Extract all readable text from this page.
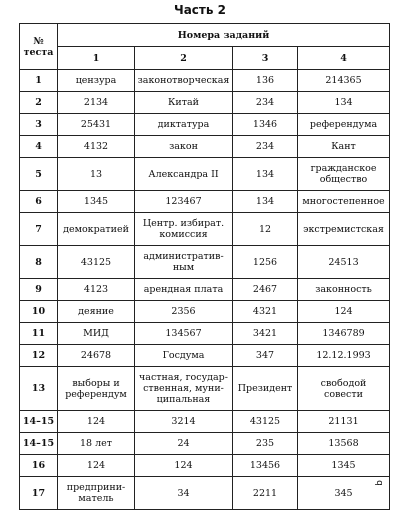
Часть 2
№
теста	Номера заданий			
	1	2	3	4
1	цензура	законотворческая	136	214365
2	2134	Китай	234	134
3	25431	диктатура	1346	референдума
4	4132	закон	234	Кант
5	13	Александра II	134	гражданское
общество
6	1345	123467	134	многостепенное
7	демократией	Центр. избират.
комиссия	12	экстремистская
8	43125	административ-
ным	1256	24513
9	4123	арендная плата	2467	законность
10	деяние	2356	4321	124
11	МИД	134567	3421	1346789
12	24678	Госдума	347	12.12.1993
13	выборы и
референдум	частная, государ-
ственная, муни-
ципальная	Президент	свободой
совести
14–15	124	3214	43125	21131
14–15	18 лет	24	235	13568
16	124	124	13456	1345
17	предприни-
матель	34	2211	345
q
